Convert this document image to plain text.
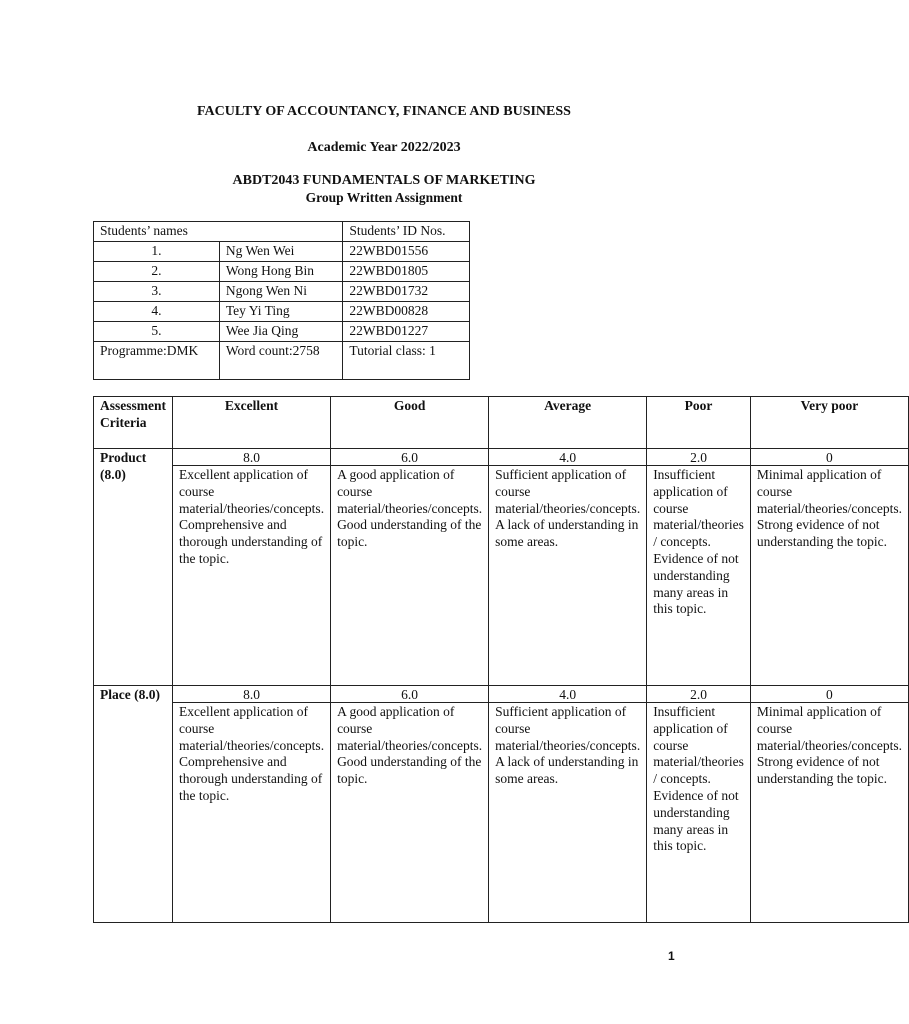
FACULTY OF ACCOUNTANCY, FINANCE AND BUSINESS
Academic Year 2022/2023
ABDT2043 FUNDAMENTALS OF MARKETING
Group Written Assignment
Students’ names		Students’ ID Nos.
1.	Ng Wen Wei	22WBD01556
2.	Wong Hong Bin	22WBD01805
3.	Ngong Wen Ni	22WBD01732
4.	Tey Yi Ting	22WBD00828
5.	Wee Jia Qing	22WBD01227
Programme:DMK	Word count:2758	Tutorial class: 1
Assessment Criteria	Excellent	Good	Average	Poor	Very poor
Product (8.0)	8.0	6.0	4.0	2.0	0
	Excellent application of course material/theories/concepts. Comprehensive and thorough understanding of the topic.	A good application of course material/theories/concepts. Good understanding of the topic.	Sufficient application of course material/theories/concepts. A lack of understanding in some areas.	Insufficient application of course material/theories / concepts. Evidence of not understanding many areas in this topic.	Minimal application of course material/theories/concepts. Strong evidence of not understanding the topic.
Place (8.0)	8.0	6.0	4.0	2.0	0
	Excellent application of course material/theories/concepts. Comprehensive and thorough understanding of the topic.	A good application of course material/theories/concepts. Good understanding of the topic.	Sufficient application of course material/theories/concepts. A lack of understanding in some areas.	Insufficient application of course material/theories / concepts. Evidence of not understanding many areas in this topic.	Minimal application of course material/theories/concepts. Strong evidence of not understanding the topic.
1
